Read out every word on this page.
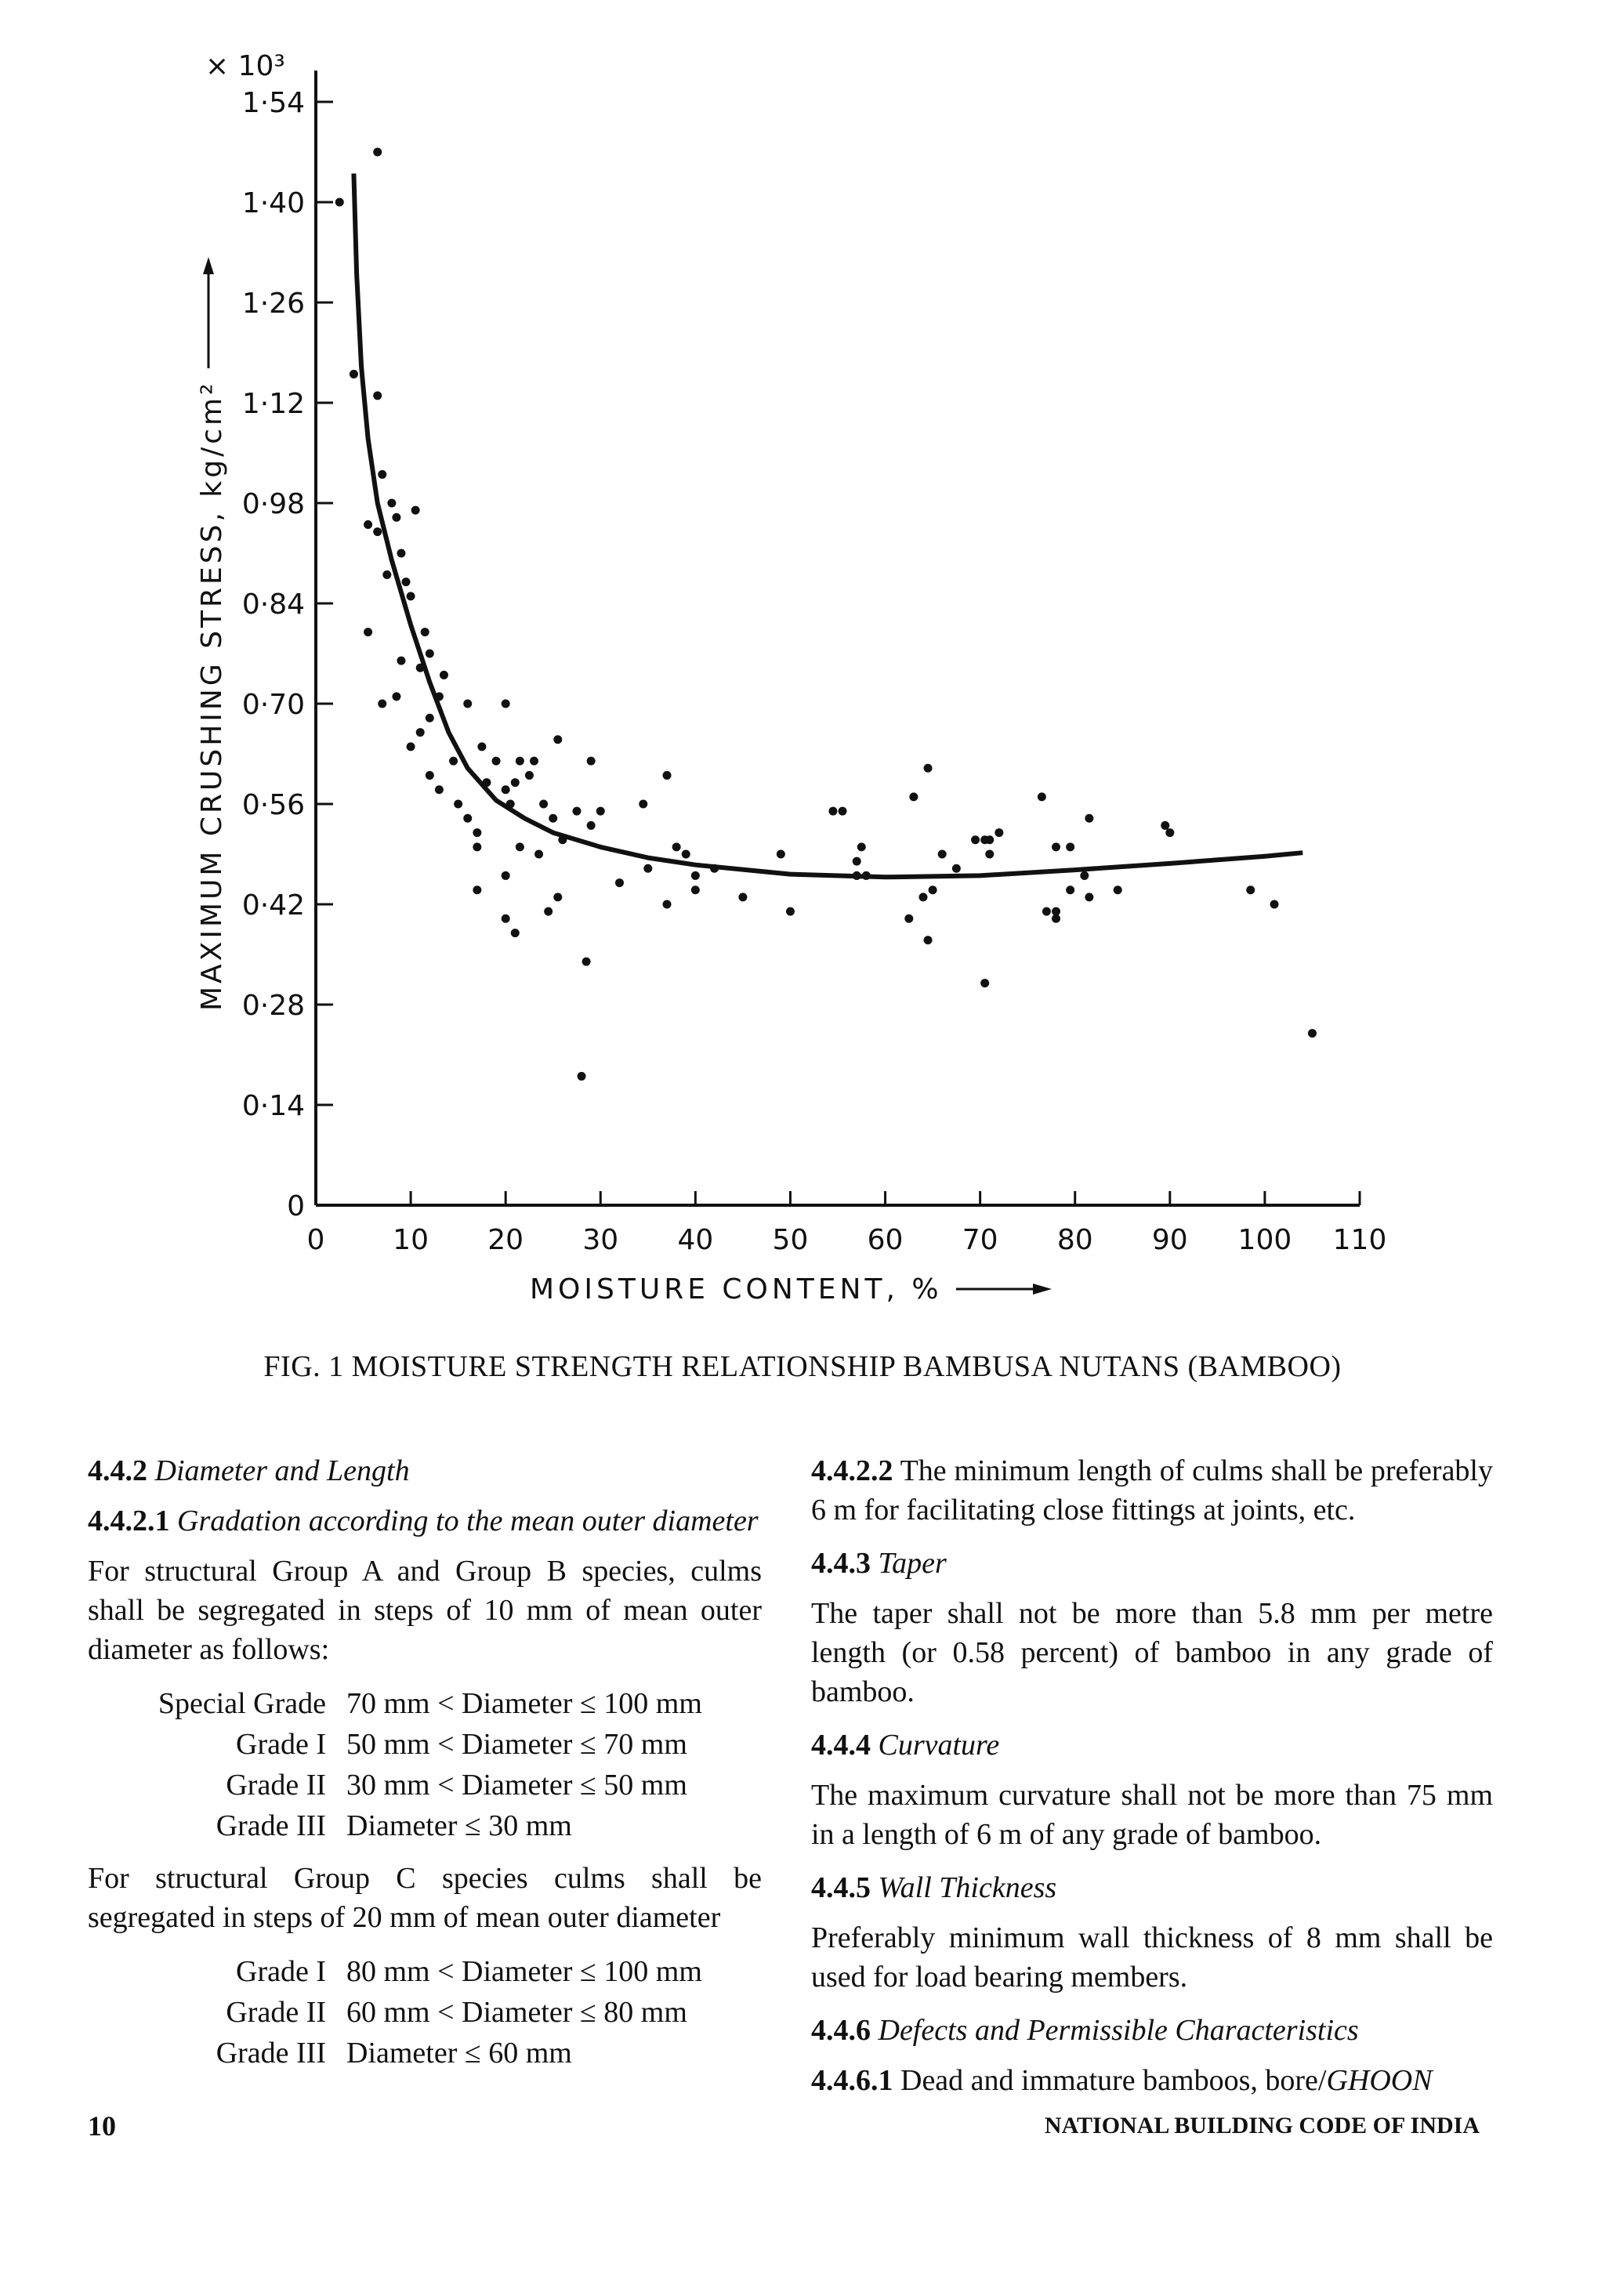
× 10³
MAXIMUM CRUSHING STRESS, kg/cm²
MOISTURE CONTENT, %
0
0·14
0·28
0·42
0·56
0·70
0·84
0·98
1·12
1·26
1·40
1·54
0 10 20 30 40 50 60 70 80 90 100 110
FIG. 1 MOISTURE STRENGTH RELATIONSHIP BAMBUSA NUTANS (BAMBOO)
4.4.2 Diameter and Length
4.4.2.1 Gradation according to the mean outer diameter

For structural Group A and Group B species, culms shall be segregated in steps of 10 mm of mean outer diameter as follows:

Special Grade 70 mm < Diameter ≤ 100 mm
Grade I 50 mm < Diameter ≤ 70 mm
Grade II 30 mm < Diameter ≤ 50 mm
Grade III Diameter ≤ 30 mm

For structural Group C species culms shall be segregated in steps of 20 mm of mean outer diameter

Grade I 80 mm < Diameter ≤ 100 mm
Grade II 60 mm < Diameter ≤ 80 mm
Grade III Diameter ≤ 60 mm

4.4.2.2 The minimum length of culms shall be preferably 6 m for facilitating close fittings at joints, etc.

4.4.3 Taper

The taper shall not be more than 5.8 mm per metre length (or 0.58 percent) of bamboo in any grade of bamboo.

4.4.4 Curvature

The maximum curvature shall not be more than 75 mm in a length of 6 m of any grade of bamboo.

4.4.5 Wall Thickness

Preferably minimum wall thickness of 8 mm shall be used for load bearing members.

4.4.6 Defects and Permissible Characteristics

4.4.6.1 Dead and immature bamboos, bore/GHOON

10	NATIONAL BUILDING CODE OF INDIA
